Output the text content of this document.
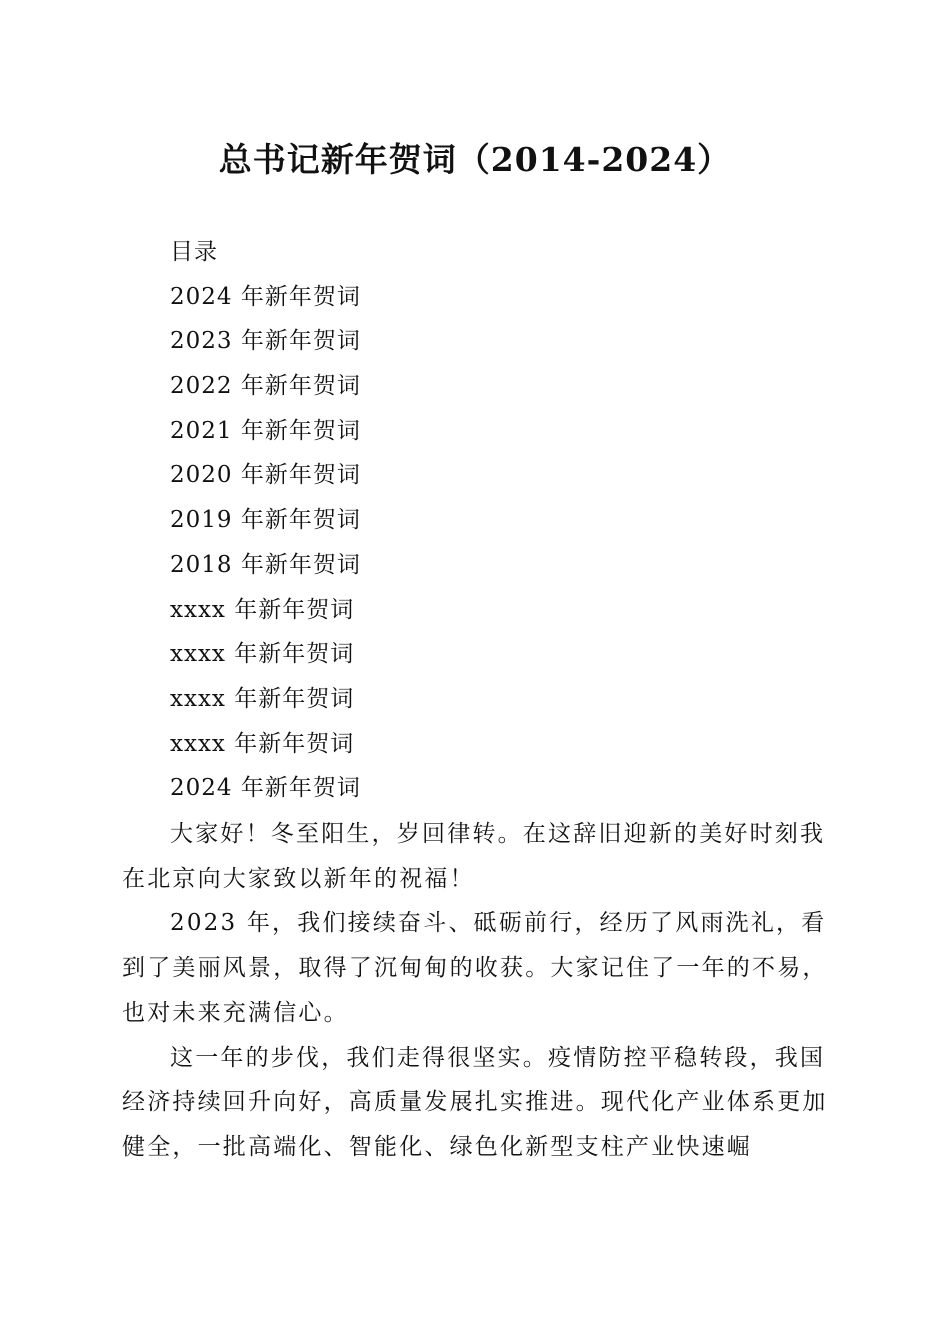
总书记新年贺词（2014-2024）
目录
2024 年新年贺词
2023 年新年贺词
2022 年新年贺词
2021 年新年贺词
2020 年新年贺词
2019 年新年贺词
2018 年新年贺词
xxxx 年新年贺词
xxxx 年新年贺词
xxxx 年新年贺词
xxxx 年新年贺词
2024 年新年贺词

大家好！冬至阳生，岁回律转。在这辞旧迎新的美好时刻我在北京向大家致以新年的祝福！

2023 年，我们接续奋斗、砥砺前行，经历了风雨洗礼，看到了美丽风景，取得了沉甸甸的收获。大家记住了一年的不易，也对未来充满信心。

这一年的步伐，我们走得很坚实。疫情防控平稳转段，我国经济持续回升向好，高质量发展扎实推进。现代化产业体系更加健全，一批高端化、智能化、绿色化新型支柱产业快速崛
